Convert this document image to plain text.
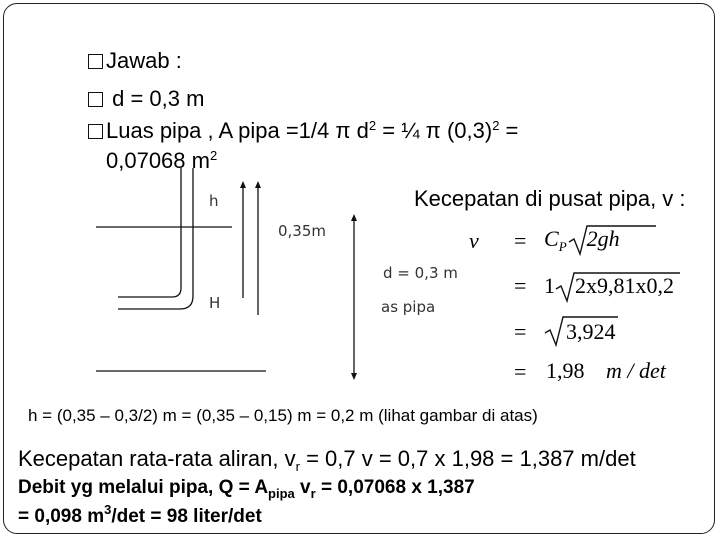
Jawab :
d = 0,3 m
Luas pipa , A pipa =1/4 π $d^2$ = ¼ π $(0,3)^2$ =
0,07068 $m^2$
h
H
0,35m
d = 0,3 m
as pipa
Kecepatan di pusat pipa, v :
$v = C_P$ 2gh
= 1 2x9,81x0,2
=	3,924
= 1,98 m / det
h = (0,35 – 0,3/2) m = (0,35 – 0,15) m = 0,2 m (lihat gambar di atas)
Kecepatan rata-rata aliran, $v_r = 0,7$ v = 0,7 x 1,98 = 1,387 m/det
Debit yg melalui pipa, $Q = A_{pipa}$ $v_r = 0,07068$ x 1,387
= 0,098 $m^3/\det = 98$ liter/det
